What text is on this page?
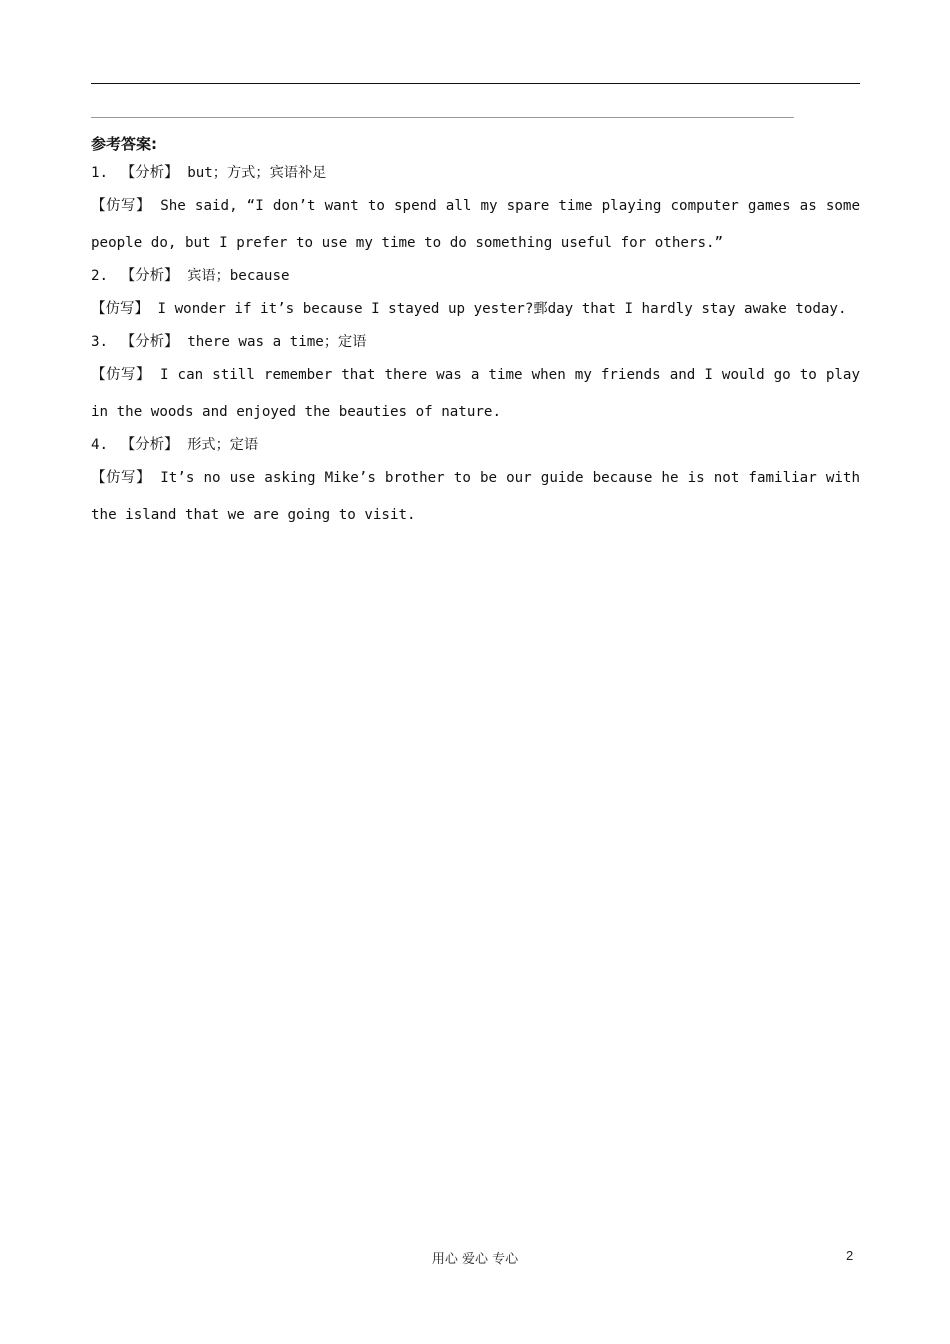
参考答案:

1. 【分析】 but；方式；宾语补足

【仿写】 She said, “I don’t want to spend all my spare time playing computer games as some people do, but I prefer to use my time to do something useful for others.”

2. 【分析】 宾语；because

【仿写】 I wonder if it’s because I stayed up yester?鄄day that I hardly stay awake today.

3. 【分析】 there was a time；定语

【仿写】 I can still remember that there was a time when my friends and I would go to play in the woods and enjoyed the beauties of nature.

4. 【分析】 形式；定语

【仿写】 It’s no use asking Mike’s brother to be our guide because he is not familiar with the island that we are going to visit.

用心 爱心 专心	2
